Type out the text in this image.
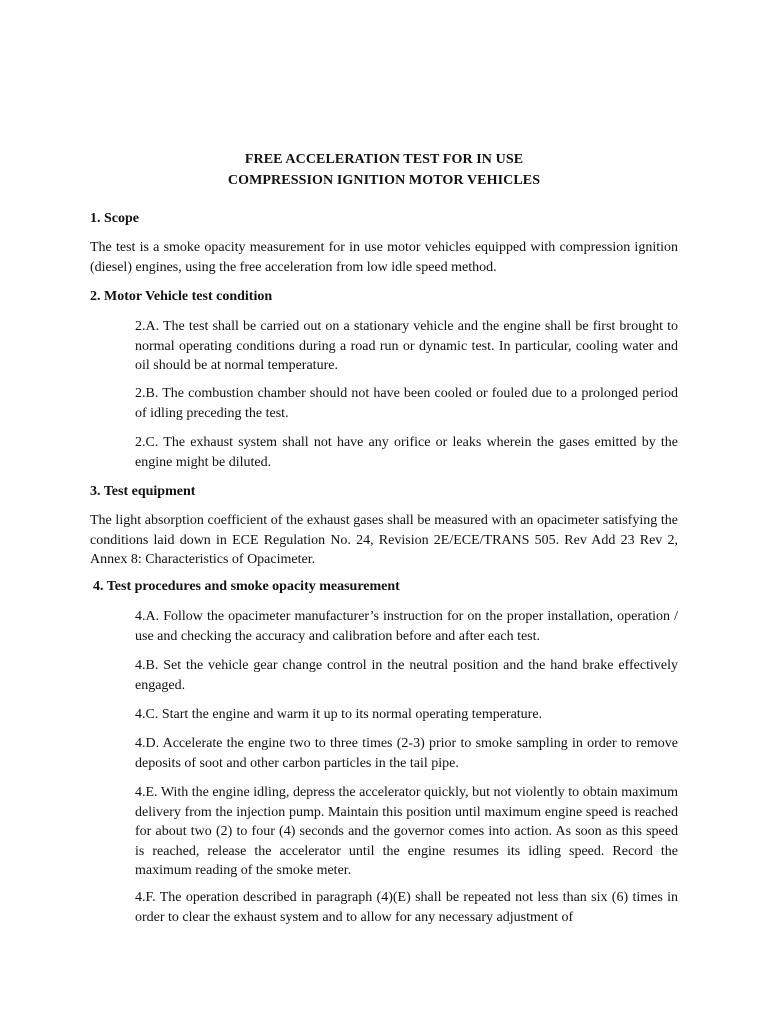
FREE ACCELERATION TEST FOR IN USE
COMPRESSION IGNITION MOTOR VEHICLES
1. Scope
The test is a smoke opacity measurement for in use motor vehicles equipped with compression ignition (diesel) engines, using the free acceleration from low idle speed method.
2. Motor Vehicle test condition
2.A. The test shall be carried out on a stationary vehicle and the engine shall be first brought to normal operating conditions during a road run or dynamic test. In particular, cooling water and oil should be at normal temperature.
2.B. The combustion chamber should not have been cooled or fouled due to a prolonged period of idling preceding the test.
2.C. The exhaust system shall not have any orifice or leaks wherein the gases emitted by the engine might be diluted.
3. Test equipment
The light absorption coefficient of the exhaust gases shall be measured with an opacimeter satisfying the conditions laid down in ECE Regulation No. 24, Revision 2E/ECE/TRANS 505. Rev Add 23 Rev 2, Annex 8: Characteristics of Opacimeter.
4. Test procedures and smoke opacity measurement
4.A. Follow the opacimeter manufacturer’s instruction for on the proper installation, operation / use and checking the accuracy and calibration before and after each test.
4.B. Set the vehicle gear change control in the neutral position and the hand brake effectively engaged.
4.C. Start the engine and warm it up to its normal operating temperature.
4.D. Accelerate the engine two to three times (2-3) prior to smoke sampling in order to remove deposits of soot and other carbon particles in the tail pipe.
4.E. With the engine idling, depress the accelerator quickly, but not violently to obtain maximum delivery from the injection pump. Maintain this position until maximum engine speed is reached for about two (2) to four (4) seconds and the governor comes into action. As soon as this speed is reached, release the accelerator until the engine resumes its idling speed. Record the maximum reading of the smoke meter.
4.F. The operation described in paragraph (4)(E) shall be repeated not less than six (6) times in order to clear the exhaust system and to allow for any necessary adjustment of
